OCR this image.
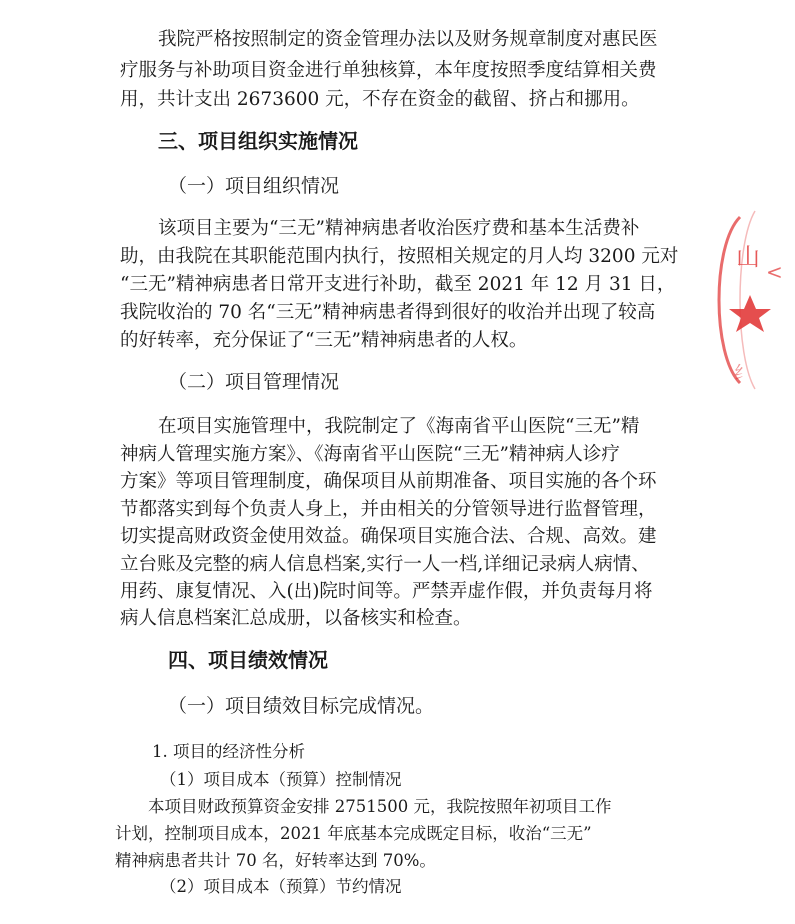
我院严格按照制定的资金管理办法以及财务规章制度对惠民医
疗服务与补助项目资金进行单独核算，本年度按照季度结算相关费
用，共计支出 2673600 元，不存在资金的截留、挤占和挪用。
三、项目组织实施情况
（一）项目组织情况
该项目主要为“三无”精神病患者收治医疗费和基本生活费补
助，由我院在其职能范围内执行，按照相关规定的月人均 3200 元对
“三无”精神病患者日常开支进行补助，截至 2021 年 12 月 31 日，
我院收治的 70 名“三无”精神病患者得到很好的收治并出现了较高
的好转率，充分保证了“三无”精神病患者的人权。
（二）项目管理情况
在项目实施管理中，我院制定了《海南省平山医院“三无”精
神病人管理实施方案》、《海南省平山医院“三无”精神病人诊疗
方案》等项目管理制度，确保项目从前期准备、项目实施的各个环
节都落实到每个负责人身上，并由相关的分管领导进行监督管理，
切实提高财政资金使用效益。确保项目实施合法、合规、高效。建
立台账及完整的病人信息档案,实行一人一档,详细记录病人病情、
用药、康复情况、入(出)院时间等。严禁弄虚作假，并负责每月将
病人信息档案汇总成册，以备核实和检查。
四、项目绩效情况
（一）项目绩效目标完成情况。
1. 项目的经济性分析
（1）项目成本（预算）控制情况
本项目财政预算资金安排 2751500 元，我院按照年初项目工作
计划，控制项目成本，2021 年底基本完成既定目标，收治“三无”
精神病患者共计 70 名，好转率达到 70%。
（2）项目成本（预算）节约情况
山
<
纟
